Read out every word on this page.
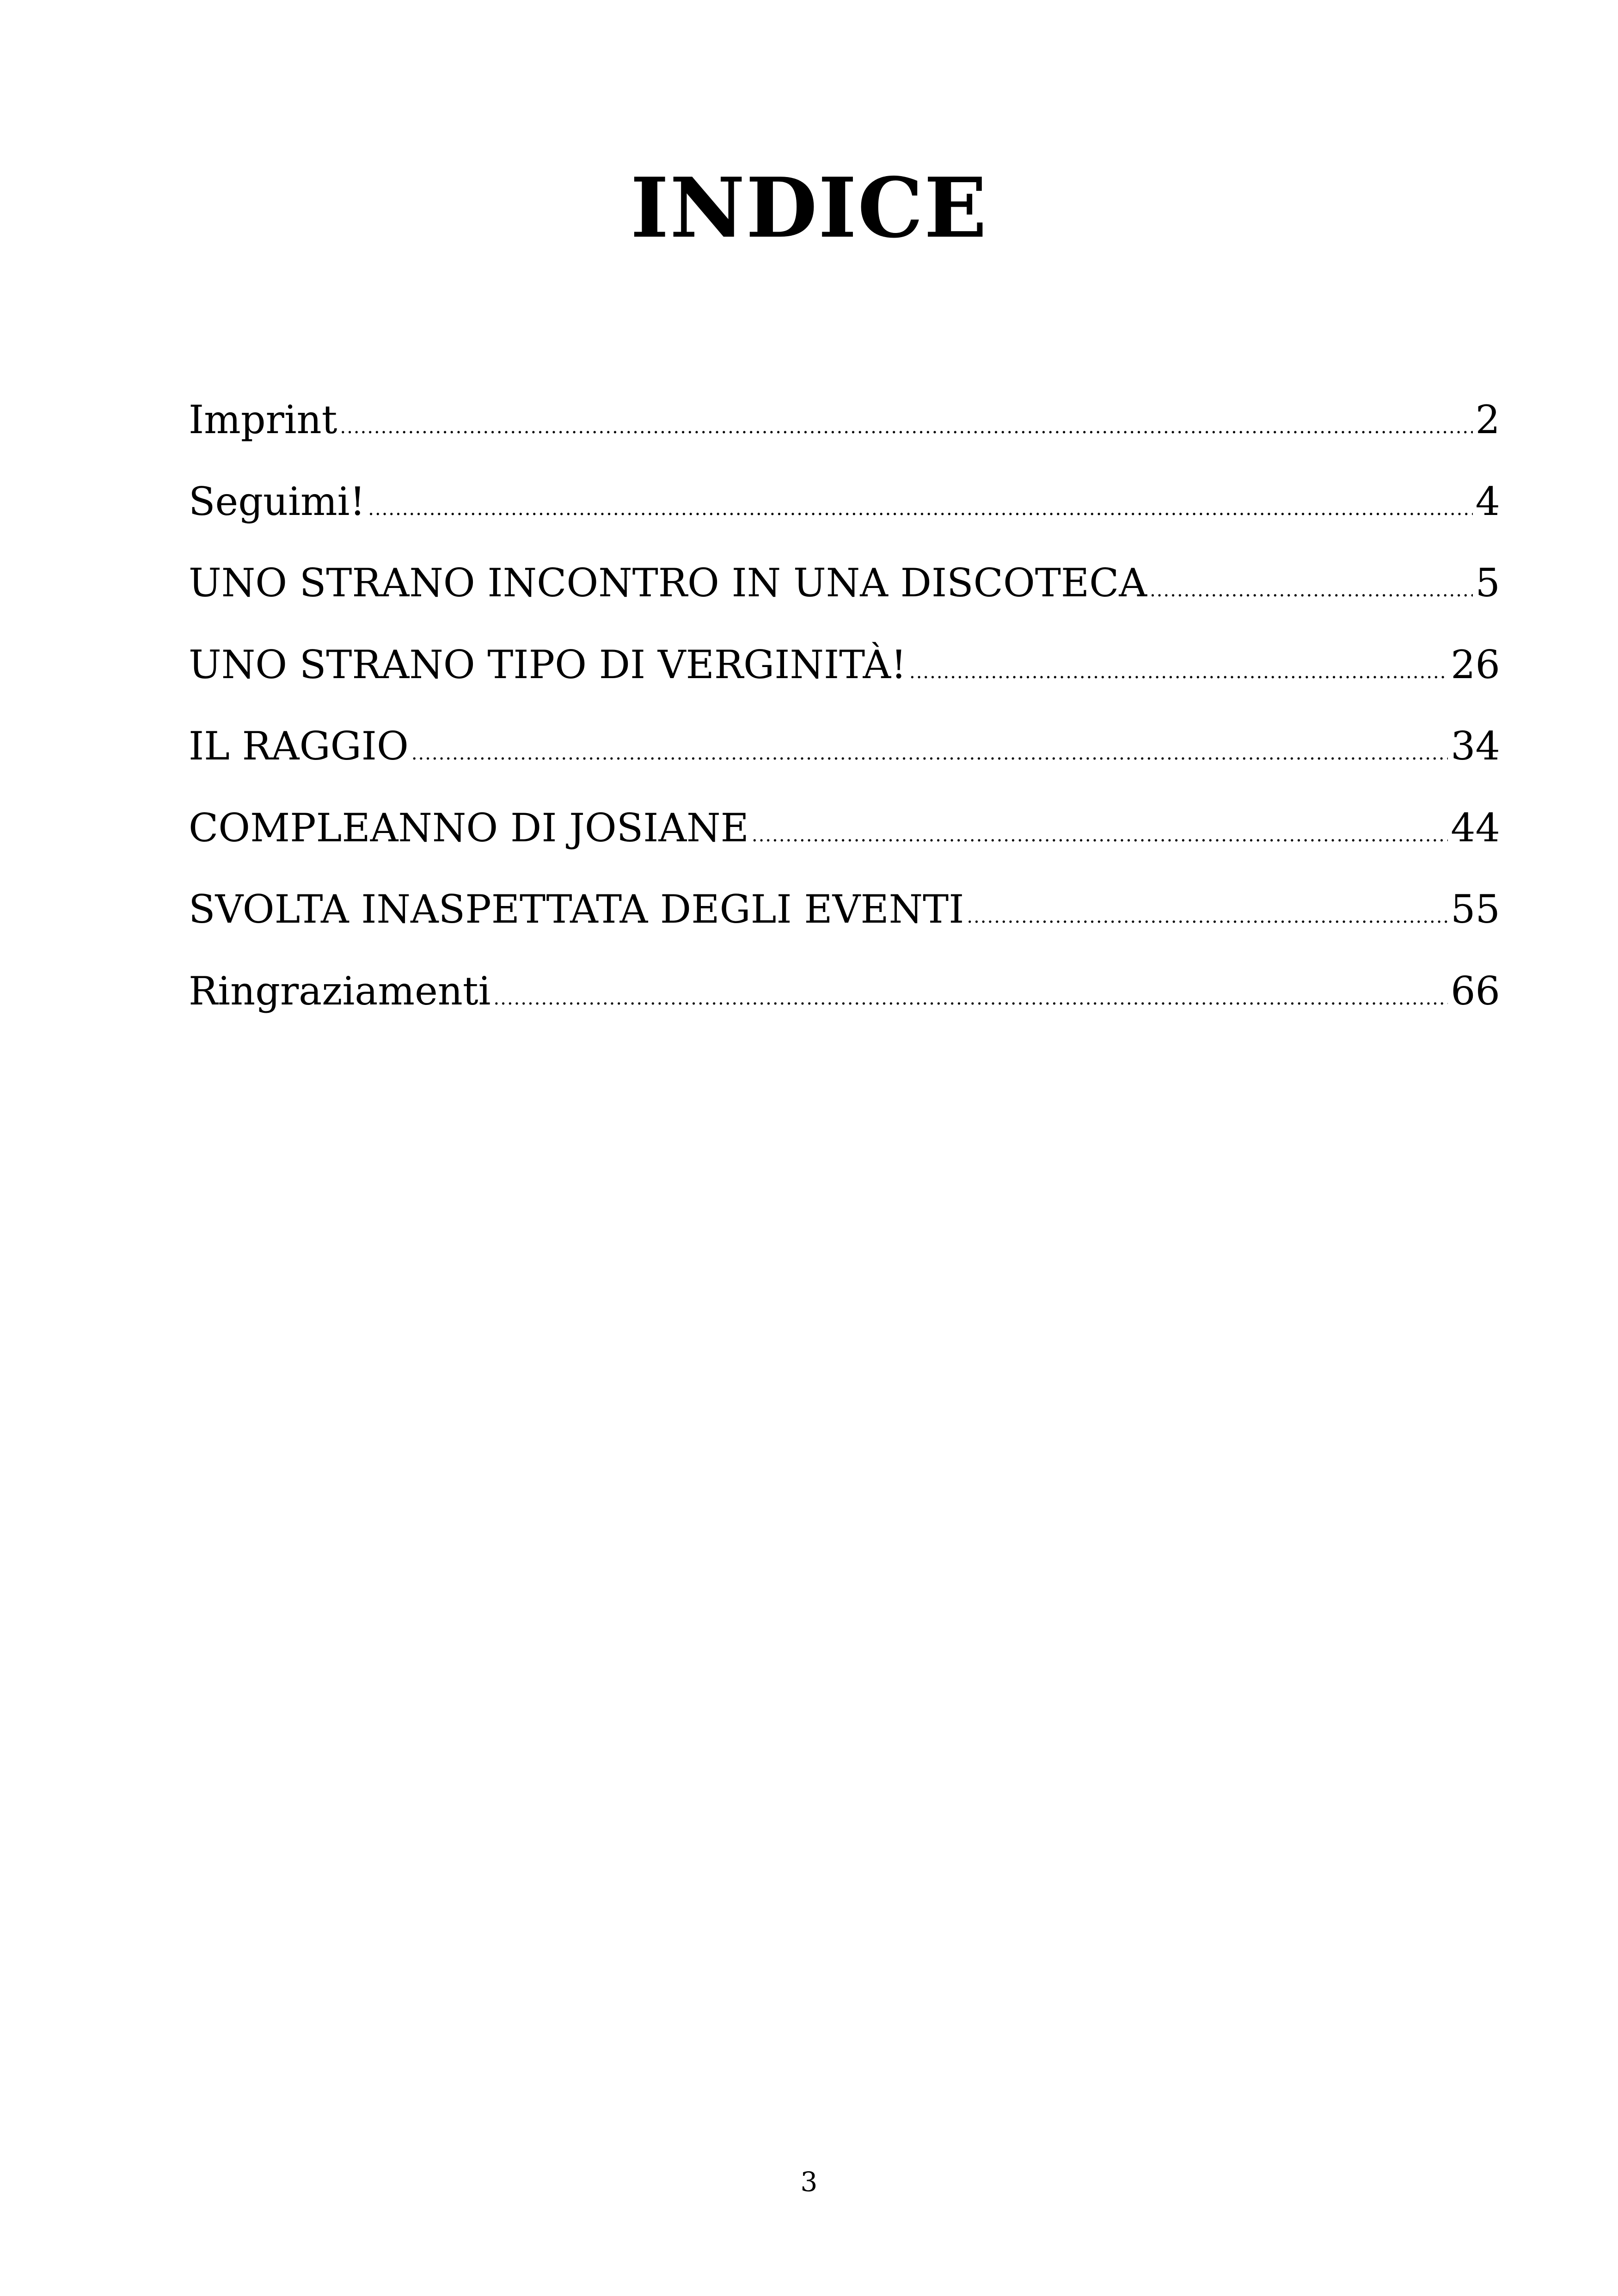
INDICE
Imprint .....	2
Seguimi! .....	4
UNO STRANO INCONTRO IN UNA DISCOTECA .....	5
UNO STRANO TIPO DI VERGINITÀ! .....	26
IL RAGGIO .....	34
COMPLEANNO DI JOSIANE .....	44
SVOLTA INASPETTATA DEGLI EVENTI .....	55
Ringraziamenti .....	66
3
